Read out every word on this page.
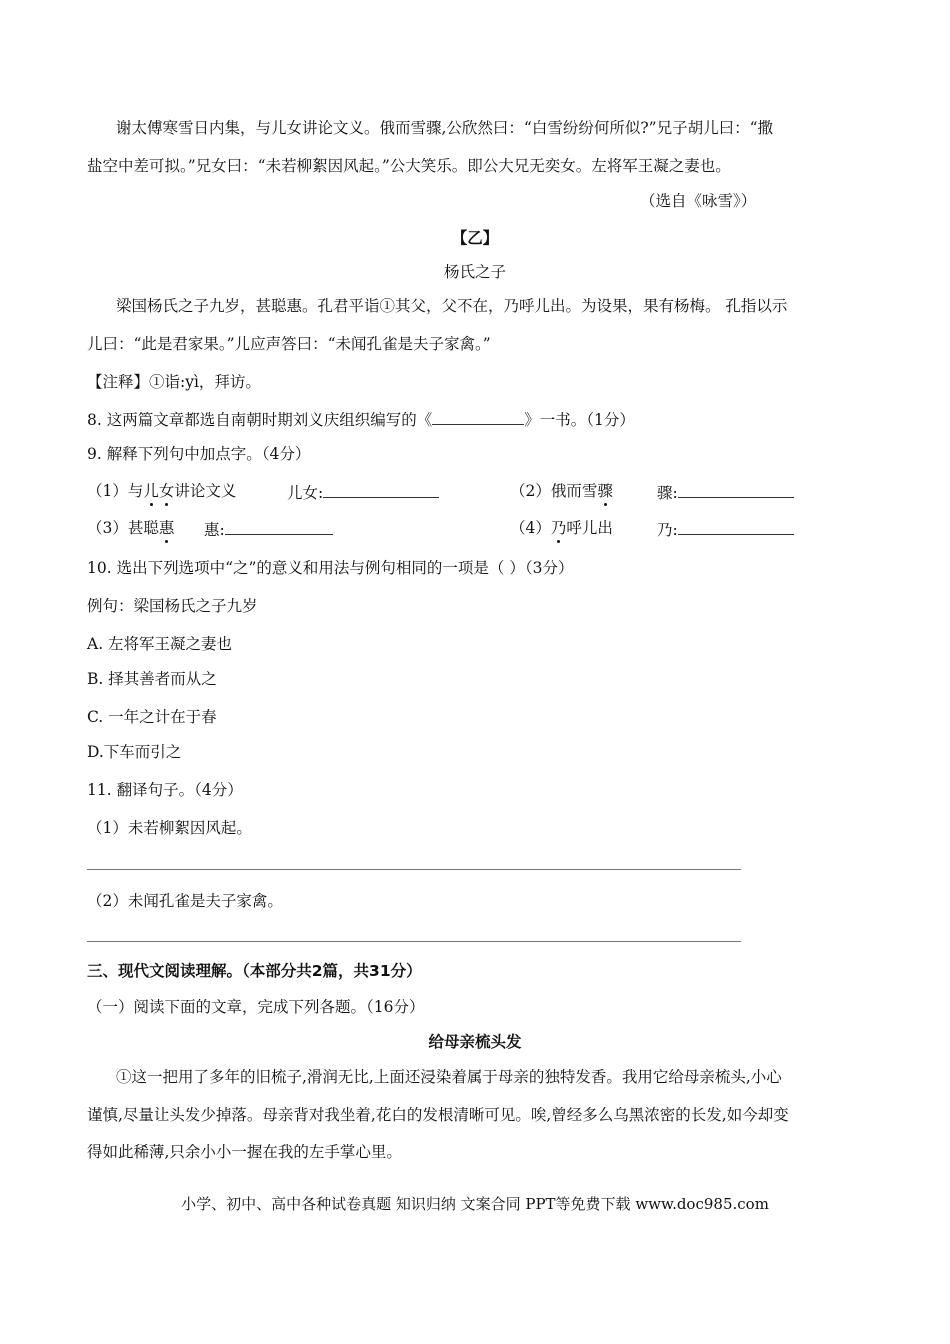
谢太傅寒雪日内集，与儿女讲论文义。俄而雪骤,公欣然曰：“白雪纷纷何所似?”兄子胡儿曰：“撒
盐空中差可拟。”兄女曰：“未若柳絮因风起。”公大笑乐。即公大兄无奕女。左将军王凝之妻也。
（选自《咏雪》）
【乙】
杨氏之子
梁国杨氏之子九岁，甚聪惠。孔君平诣①其父，父不在，乃呼儿出。为设果，果有杨梅。 孔指以示
儿曰：“此是君家果。”儿应声答曰：“未闻孔雀是夫子家禽。”
【注释】①诣:yì，拜访。
8. 这两篇文章都选自南朝时期刘义庆组织编写的《	》一书。（1分）
9. 解释下列句中加点字。（4分）
（1）与儿女讲论文义	儿女:	（2）俄而雪骤	骤:
（3）甚聪惠 惠:	（4）乃呼儿出	乃:
10. 选出下列选项中“之”的意义和用法与例句相同的一项是（ ）（3分）
例句：梁国杨氏之子九岁
A. 左将军王凝之妻也
B. 择其善者而从之
C. 一年之计在于春
D.下车而引之
11. 翻译句子。（4分）
（1）未若柳絮因风起。
（2）未闻孔雀是夫子家禽。
三、现代文阅读理解。（本部分共2篇，共31分）
（一）阅读下面的文章，完成下列各题。（16分）
给母亲梳头发
①这一把用了多年的旧梳子,滑润无比,上面还浸染着属于母亲的独特发香。我用它给母亲梳头,小心
谨慎,尽量让头发少掉落。母亲背对我坐着,花白的发根清晰可见。唉,曾经多么乌黑浓密的长发,如今却变
得如此稀薄,只余小小一握在我的左手掌心里。
小学、初中、高中各种试卷真题 知识归纳 文案合同 PPT等免费下载 www.doc985.com
